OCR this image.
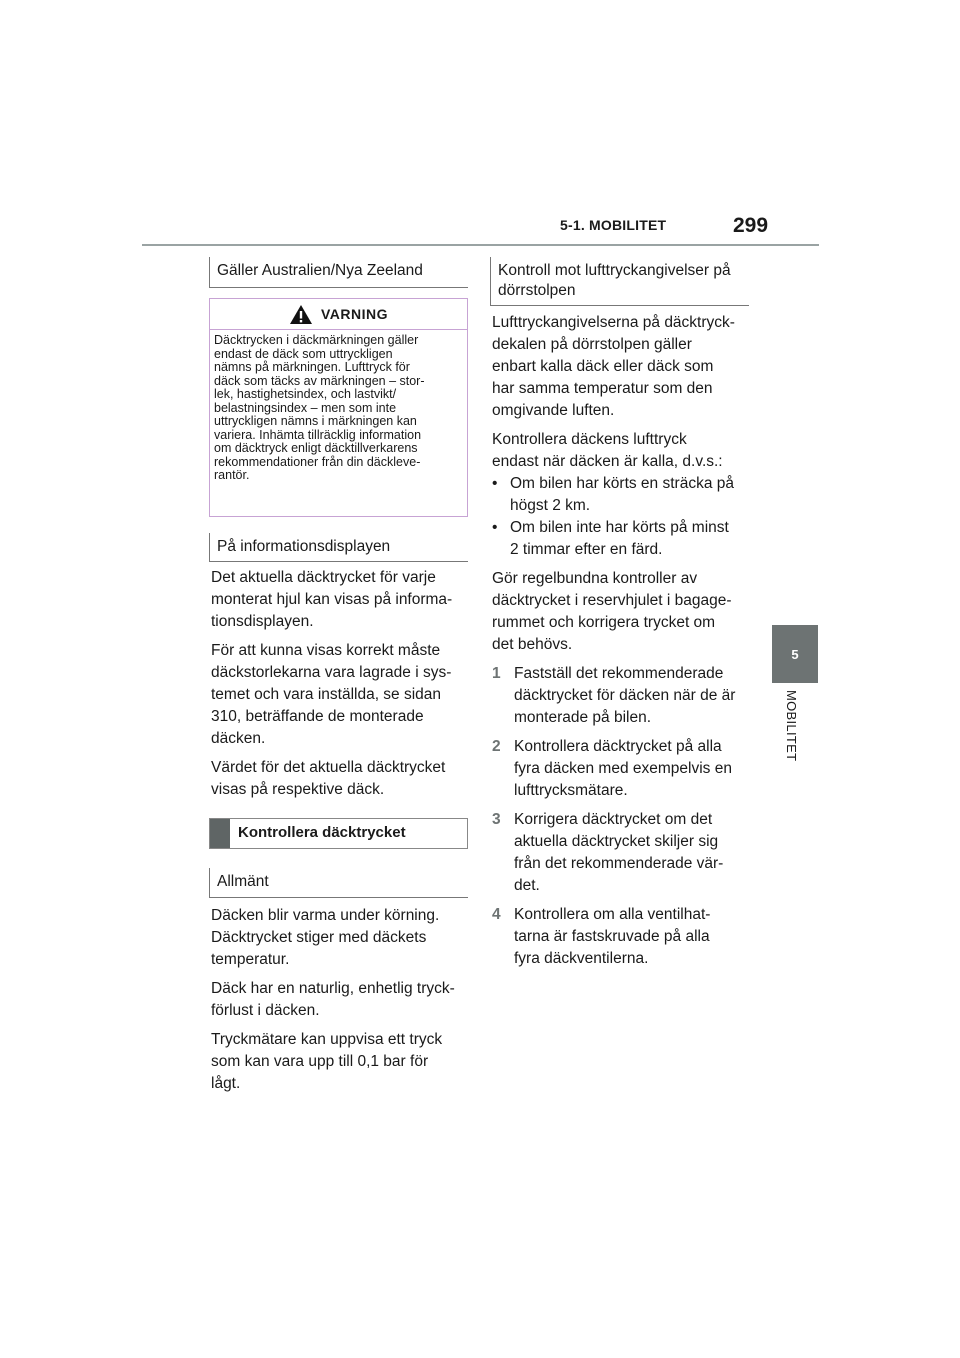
5-1. MOBILITET	299
5
MOBILITET
Gäller Australien/Nya Zeeland
VARNING
Däcktrycken i däckmärkningen gäller
endast de däck som uttryckligen
nämns på märkningen. Lufttryck för
däck som täcks av märkningen – stor-
lek, hastighetsindex, och lastvikt/
belastningsindex – men som inte
uttryckligen nämns i märkningen kan
variera. Inhämta tillräcklig information
om däcktryck enligt däcktillverkarens
rekommendationer från din däckleve-
rantör.
På informationsdisplayen

Det aktuella däcktrycket för varje
monterat hjul kan visas på informa-
tionsdisplayen.

För att kunna visas korrekt måste
däckstorlekarna vara lagrade i sys-
temet och vara inställda, se sidan
310, beträffande de monterade
däcken.

Värdet för det aktuella däcktrycket
visas på respektive däck.

Kontrollera däcktrycket
Allmänt

Däcken blir varma under körning.
Däcktrycket stiger med däckets
temperatur.

Däck har en naturlig, enhetlig tryck-
förlust i däcken.

Tryckmätare kan uppvisa ett tryck
som kan vara upp till 0,1 bar för
lågt.

Kontroll mot lufttryckangivelser på
dörrstolpen

Lufttryckangivelserna på däcktryck-
dekalen på dörrstolpen gäller
enbart kalla däck eller däck som
har samma temperatur som den
omgivande luften.

Kontrollera däckens lufttryck
endast när däcken är kalla, d.v.s.:

• Om bilen har körts en sträcka på
högst 2 km.
• Om bilen inte har körts på minst
2 timmar efter en färd.

Gör regelbundna kontroller av
däcktrycket i reservhjulet i bagage-
rummet och korrigera trycket om
det behövs.

1 Fastställ det rekommenderade
däcktrycket för däcken när de är
monterade på bilen.
2 Kontrollera däcktrycket på alla
fyra däcken med exempelvis en
lufttrycksmätare.
3 Korrigera däcktrycket om det
aktuella däcktrycket skiljer sig
från det rekommenderade vär-
det.
4 Kontrollera om alla ventilhat-
tarna är fastskruvade på alla
fyra däckventilerna.
